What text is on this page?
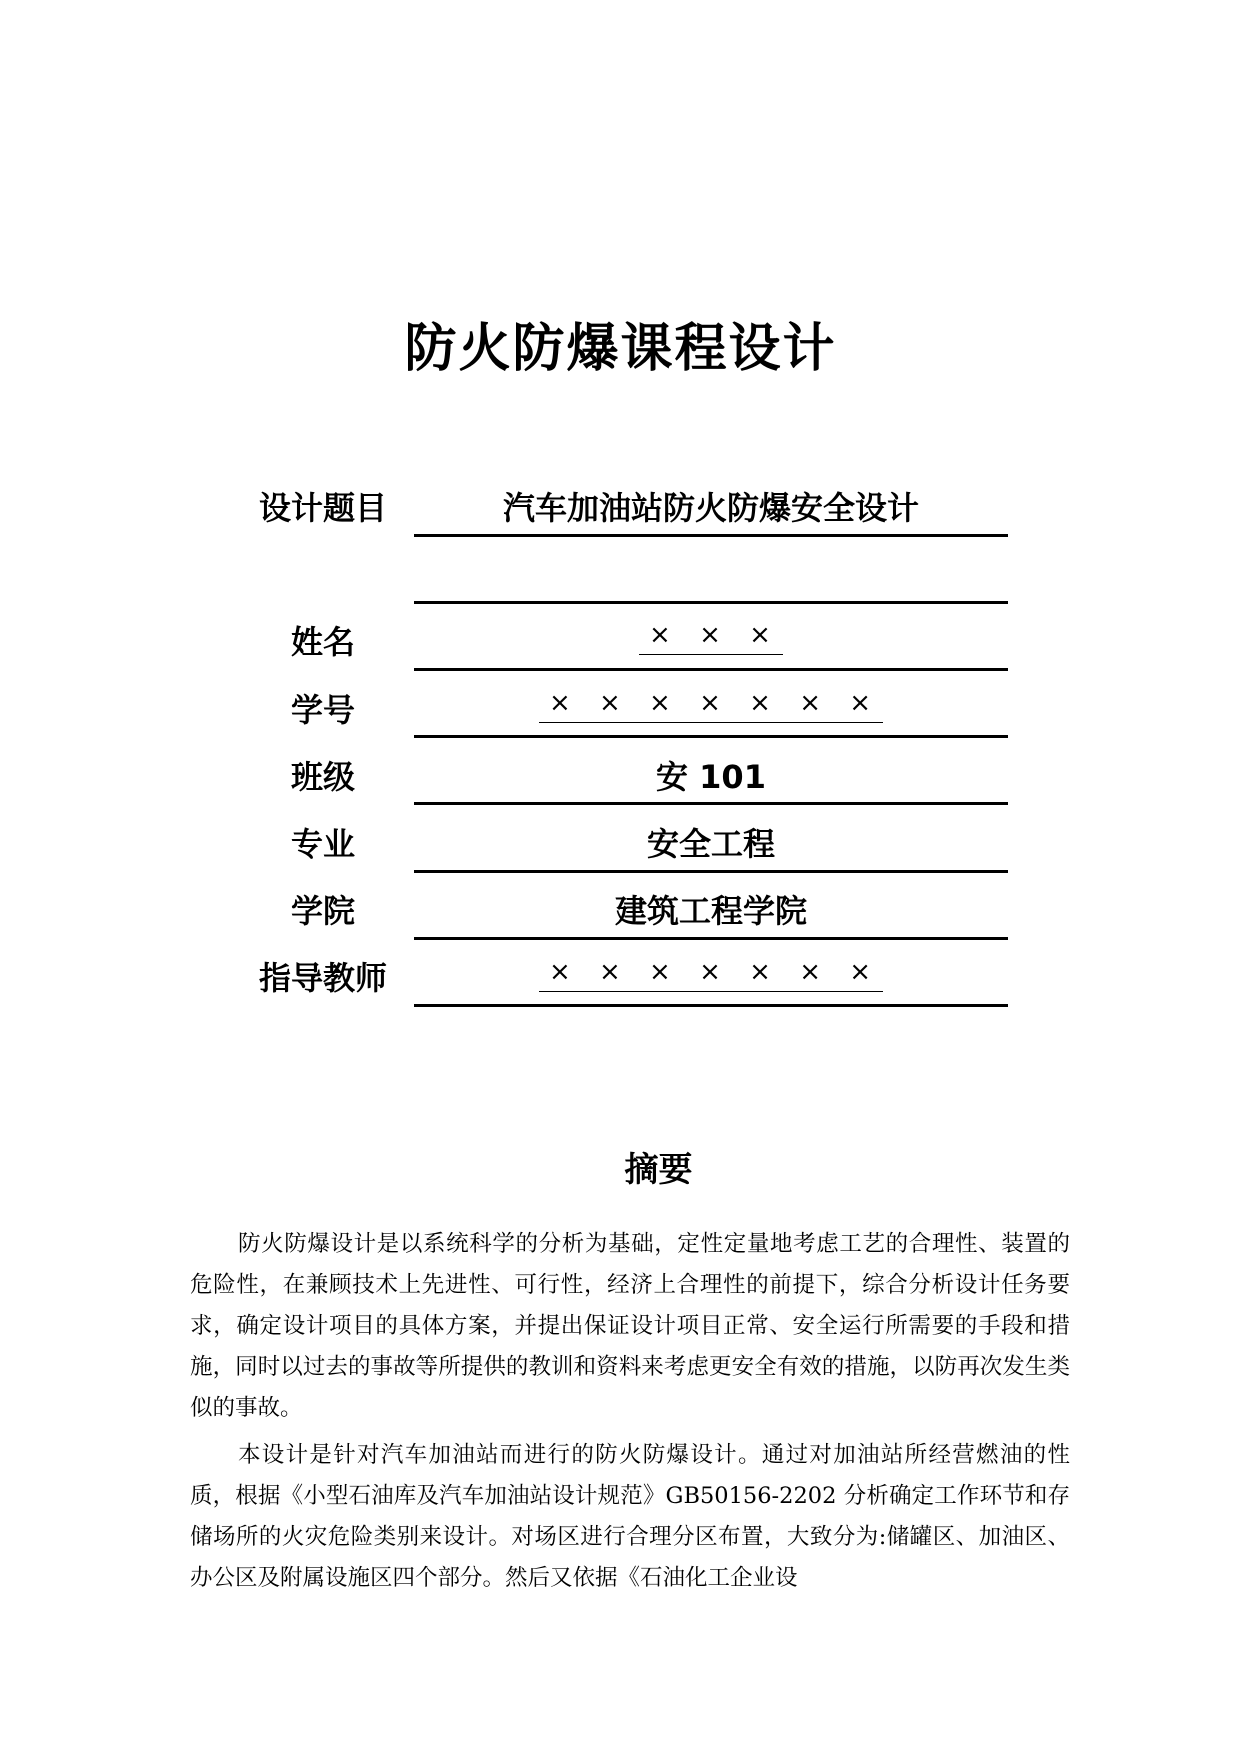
防火防爆课程设计
设计题目	汽车加油站防火防爆安全设计
姓名	× × ×
学号	× × × × × × ×
班级	安 101
专业	安全工程
学院	建筑工程学院
指导教师	× × × × × × ×
摘要
防火防爆设计是以系统科学的分析为基础，定性定量地考虑工艺的合理性、装置的危险性，在兼顾技术上先进性、可行性，经济上合理性的前提下，综合分析设计任务要求，确定设计项目的具体方案，并提出保证设计项目正常、安全运行所需要的手段和措施，同时以过去的事故等所提供的教训和资料来考虑更安全有效的措施，以防再次发生类似的事故。
本设计是针对汽车加油站而进行的防火防爆设计。通过对加油站所经营燃油的性质，根据《小型石油库及汽车加油站设计规范》GB50156-2202 分析确定工作环节和存储场所的火灾危险类别来设计。对场区进行合理分区布置，大致分为:储罐区、加油区、办公区及附属设施区四个部分。然后又依据《石油化工企业设
